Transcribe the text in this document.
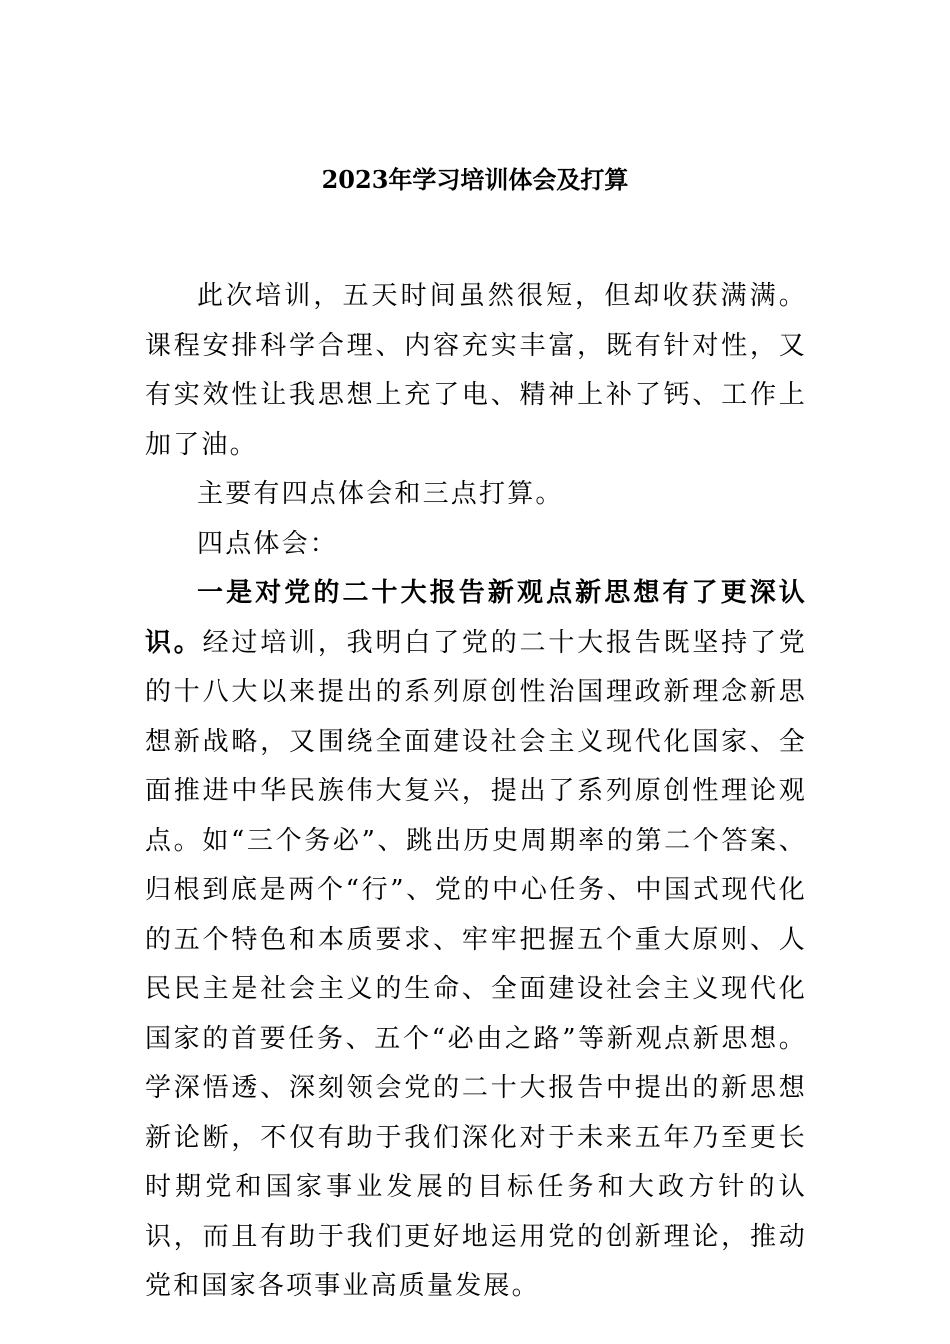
2023年学习培训体会及打算

此次培训，五天时间虽然很短，但却收获满满。课程安排科学合理、内容充实丰富，既有针对性，又有实效性让我思想上充了电、精神上补了钙、工作上加了油。

主要有四点体会和三点打算。

四点体会：

一是对党的二十大报告新观点新思想有了更深认识。经过培训，我明白了党的二十大报告既坚持了党的十八大以来提出的系列原创性治国理政新理念新思想新战略，又围绕全面建设社会主义现代化国家、全面推进中华民族伟大复兴，提出了系列原创性理论观点。如“三个务必”、跳出历史周期率的第二个答案、归根到底是两个“行”、党的中心任务、中国式现代化的五个特色和本质要求、牢牢把握五个重大原则、人民民主是社会主义的生命、全面建设社会主义现代化国家的首要任务、五个“必由之路”等新观点新思想。学深悟透、深刻领会党的二十大报告中提出的新思想新论断，不仅有助于我们深化对于未来五年乃至更长时期党和国家事业发展的目标任务和大政方针的认识，而且有助于我们更好地运用党的创新理论，推动党和国家各项事业高质量发展。
